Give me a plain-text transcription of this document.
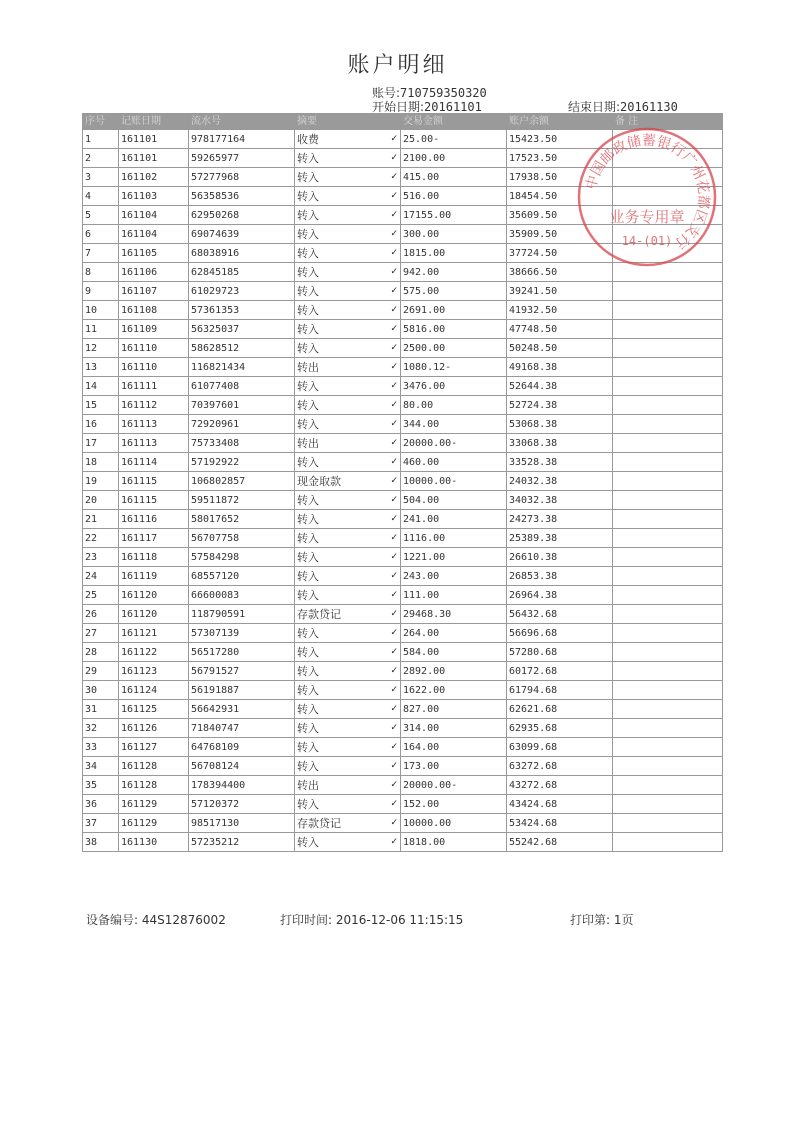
账户明细
账号:710759350320
开始日期:20161101	结束日期:20161130
序号	记账日期	流水号	摘要	交易金额	账户余额	备 注
1	161101	978177164	收费 ✓	25.00-	15423.50	
2	161101	59265977	转入 ✓	2100.00	17523.50	
3	161102	57277968	转入 ✓	415.00	17938.50	
4	161103	56358536	转入 ✓	516.00	18454.50	
5	161104	62950268	转入 ✓	17155.00	35609.50	
6	161104	69074639	转入 ✓	300.00	35909.50	
7	161105	68038916	转入 ✓	1815.00	37724.50	
8	161106	62845185	转入 ✓	942.00	38666.50	
9	161107	61029723	转入 ✓	575.00	39241.50	
10	161108	57361353	转入 ✓	2691.00	41932.50	
11	161109	56325037	转入 ✓	5816.00	47748.50	
12	161110	58628512	转入 ✓	2500.00	50248.50	
13	161110	116821434	转出 ✓	1080.12-	49168.38	
14	161111	61077408	转入 ✓	3476.00	52644.38	
15	161112	70397601	转入 ✓	80.00	52724.38	
16	161113	72920961	转入 ✓	344.00	53068.38	
17	161113	75733408	转出 ✓	20000.00-	33068.38	
18	161114	57192922	转入 ✓	460.00	33528.38	
19	161115	106802857	现金取款 ✓	10000.00-	24032.38	
20	161115	59511872	转入 ✓	504.00	34032.38	
21	161116	58017652	转入 ✓	241.00	24273.38	
22	161117	56707758	转入 ✓	1116.00	25389.38	
23	161118	57584298	转入 ✓	1221.00	26610.38	
24	161119	68557120	转入 ✓	243.00	26853.38	
25	161120	66600083	转入 ✓	111.00	26964.38	
26	161120	118790591	存款贷记 ✓	29468.30	56432.68	
27	161121	57307139	转入 ✓	264.00	56696.68	
28	161122	56517280	转入 ✓	584.00	57280.68	
29	161123	56791527	转入 ✓	2892.00	60172.68	
30	161124	56191887	转入 ✓	1622.00	61794.68	
31	161125	56642931	转入 ✓	827.00	62621.68	
32	161126	71840747	转入 ✓	314.00	62935.68	
33	161127	64768109	转入 ✓	164.00	63099.68	
34	161128	56708124	转入 ✓	173.00	63272.68	
35	161128	178394400	转出 ✓	20000.00-	43272.68	
36	161129	57120372	转入 ✓	152.00	43424.68	
37	161129	98517130	存款贷记 ✓	10000.00	53424.68	
38	161130	57235212	转入 ✓	1818.00	55242.68	
中国邮政储蓄银行广州花都区支行
业务专用章
14-(01)
设备编号: 44S12876002	打印时间: 2016-12-06 11:15:15	打印第: 1页
